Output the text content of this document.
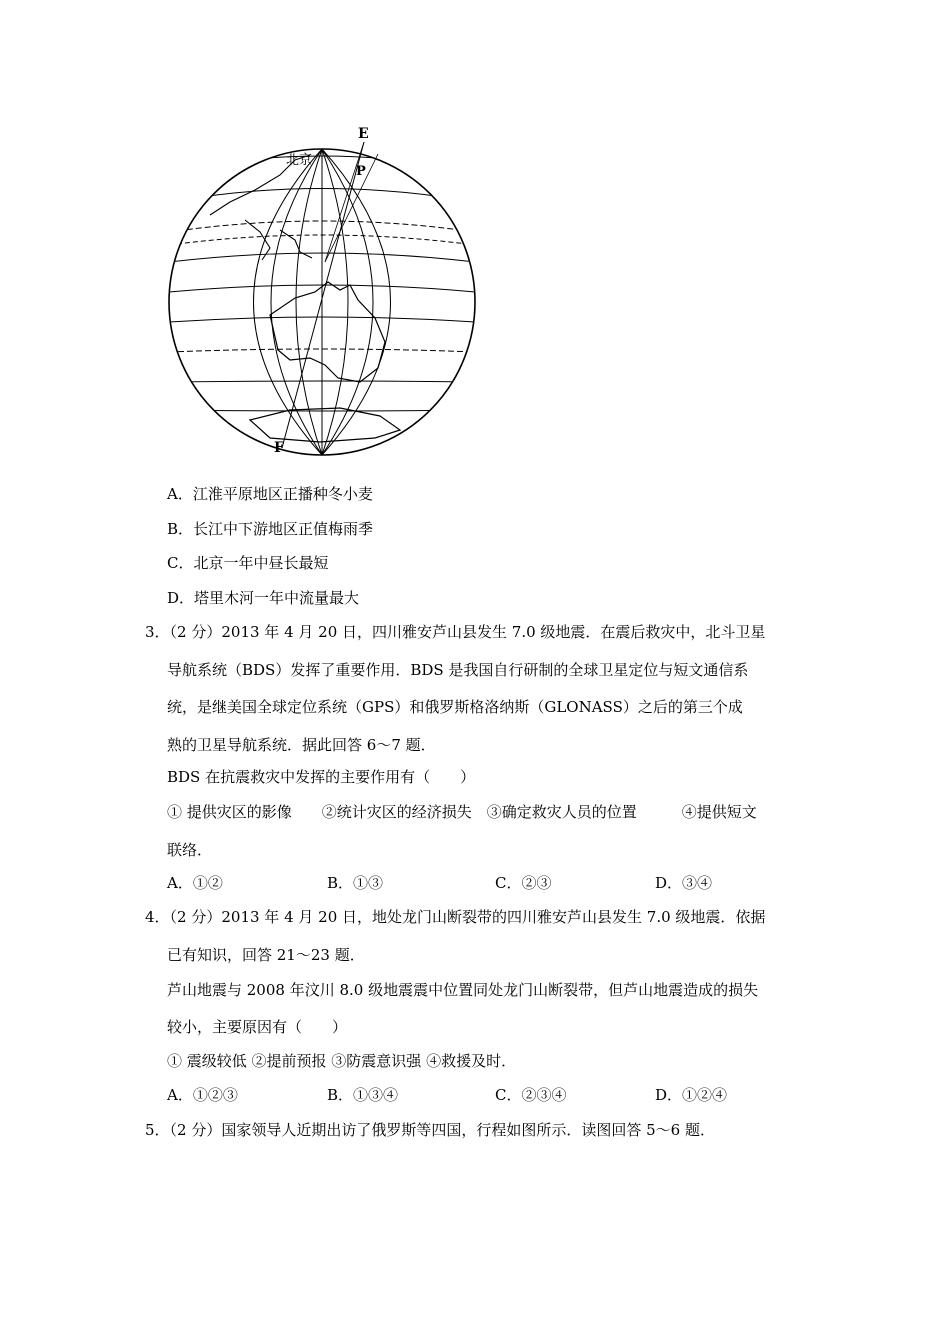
E
P
F
北京
A．江淮平原地区正播种冬小麦
B．长江中下游地区正值梅雨季
C．北京一年中昼长最短
D．塔里木河一年中流量最大
3．（2 分）2013 年 4 月 20 日，四川雅安芦山县发生 7.0 级地震．在震后救灾中，北斗卫星
导航系统（BDS）发挥了重要作用．BDS 是我国自行研制的全球卫星定位与短文通信系
统，是继美国全球定位系统（GPS）和俄罗斯格洛纳斯（GLONASS）之后的第三个成
熟的卫星导航系统．据此回答 6～7 题．
BDS 在抗震救灾中发挥的主要作用有（　　）
① 提供灾区的影像　　②统计灾区的经济损失　③确定救灾人员的位置　　　④提供短文
联络．
A．①②	B．①③	C．②③	D．③④
4．（2 分）2013 年 4 月 20 日，地处龙门山断裂带的四川雅安芦山县发生 7.0 级地震．依据
已有知识，回答 21～23 题．
芦山地震与 2008 年汶川 8.0 级地震震中位置同处龙门山断裂带，但芦山地震造成的损失
较小，主要原因有（　　）
① 震级较低 ②提前预报 ③防震意识强 ④救援及时．
A．①②③	B．①③④	C．②③④	D．①②④
5．（2 分）国家领导人近期出访了俄罗斯等四国，行程如图所示．读图回答 5～6 题．
